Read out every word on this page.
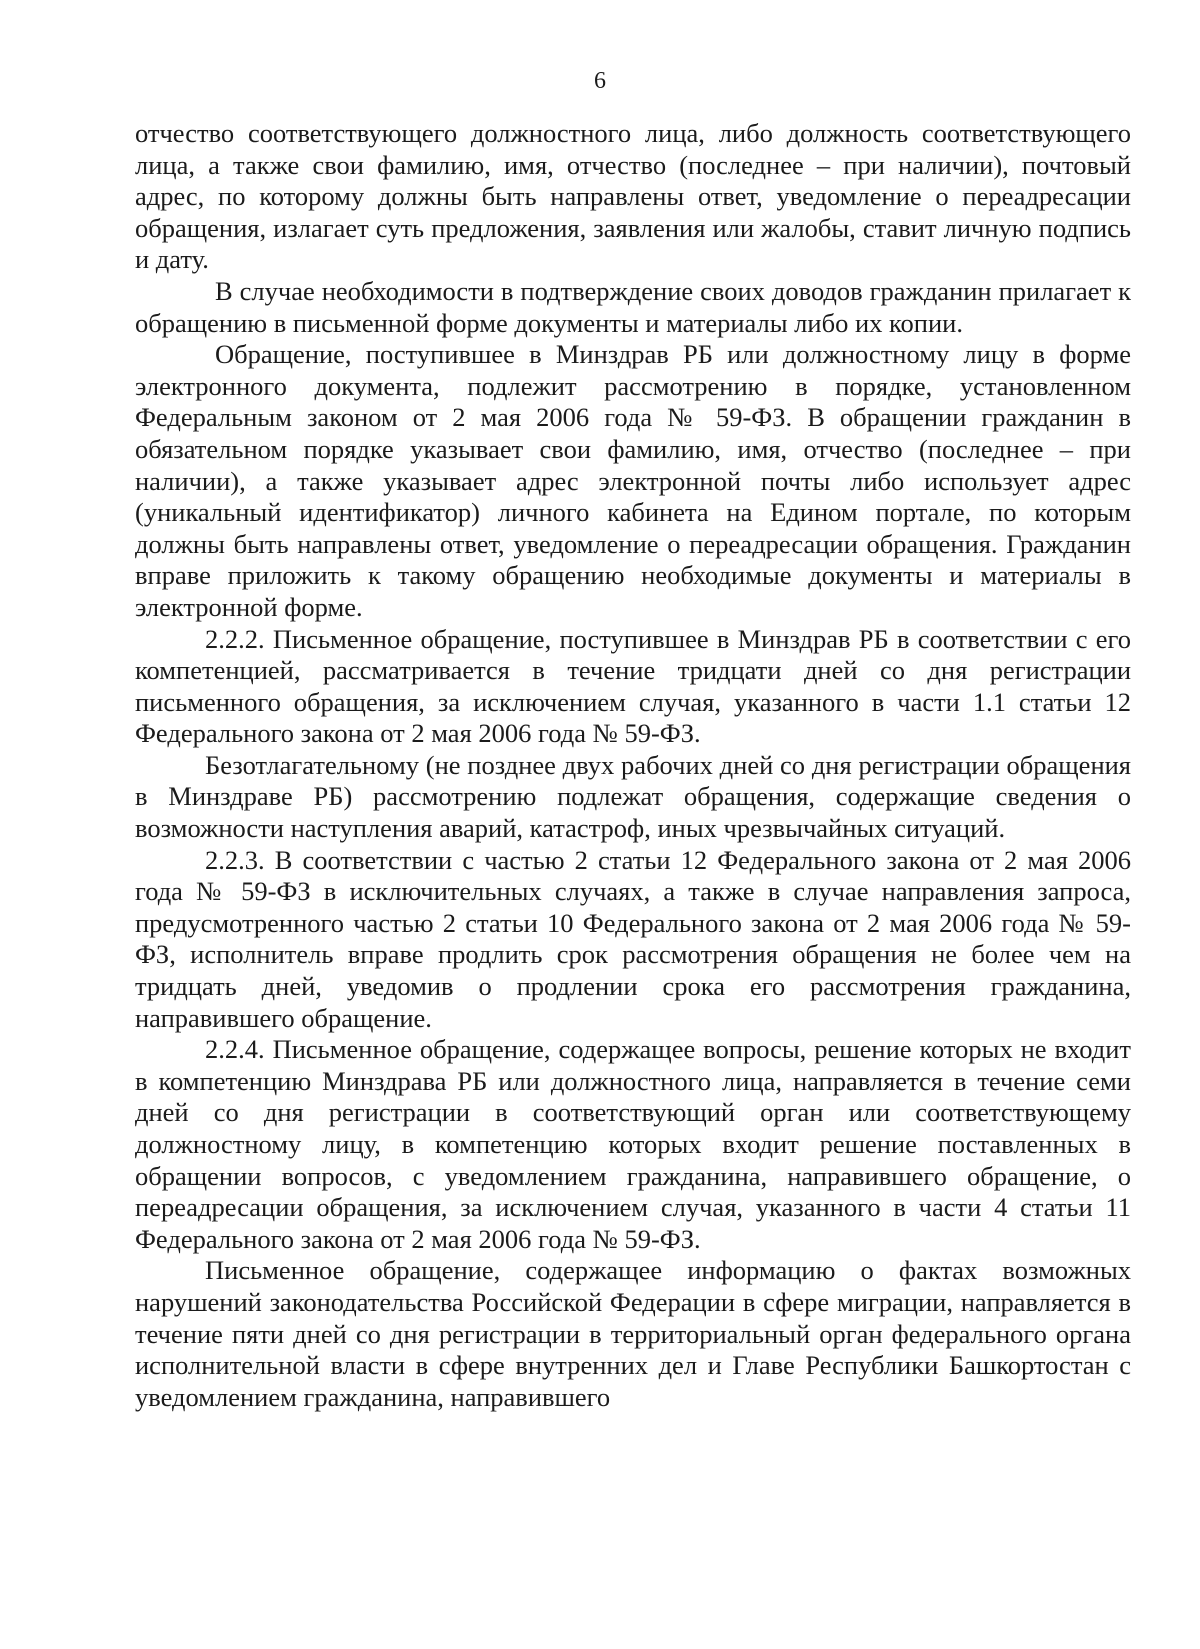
6

отчество соответствующего должностного лица, либо должность соответствующего лица, а также свои фамилию, имя, отчество (последнее – при наличии), почтовый адрес, по которому должны быть направлены ответ, уведомление о переадресации обращения, излагает суть предложения, заявления или жалобы, ставит личную подпись и дату.

В случае необходимости в подтверждение своих доводов гражданин прилагает к обращению в письменной форме документы и материалы либо их копии.

Обращение, поступившее в Минздрав РБ или должностному лицу в форме электронного документа, подлежит рассмотрению в порядке, установленном Федеральным законом от 2 мая 2006 года № 59-ФЗ. В обращении гражданин в обязательном порядке указывает свои фамилию, имя, отчество (последнее – при наличии), а также указывает адрес электронной почты либо использует адрес (уникальный идентификатор) личного кабинета на Едином портале, по которым должны быть направлены ответ, уведомление о переадресации обращения. Гражданин вправе приложить к такому обращению необходимые документы и материалы в электронной форме.

2.2.2. Письменное обращение, поступившее в Минздрав РБ в соответствии с его компетенцией, рассматривается в течение тридцати дней со дня регистрации письменного обращения, за исключением случая, указанного в части 1.1 статьи 12 Федерального закона от 2 мая 2006 года № 59-ФЗ.

Безотлагательному (не позднее двух рабочих дней со дня регистрации обращения в Минздраве РБ) рассмотрению подлежат обращения, содержащие сведения о возможности наступления аварий, катастроф, иных чрезвычайных ситуаций.

2.2.3. В соответствии с частью 2 статьи 12 Федерального закона от 2 мая 2006 года № 59-ФЗ в исключительных случаях, а также в случае направления запроса, предусмотренного частью 2 статьи 10 Федерального закона от 2 мая 2006 года № 59-ФЗ, исполнитель вправе продлить срок рассмотрения обращения не более чем на тридцать дней, уведомив о продлении срока его рассмотрения гражданина, направившего обращение.

2.2.4. Письменное обращение, содержащее вопросы, решение которых не входит в компетенцию Минздрава РБ или должностного лица, направляется в течение семи дней со дня регистрации в соответствующий орган или соответствующему должностному лицу, в компетенцию которых входит решение поставленных в обращении вопросов, с уведомлением гражданина, направившего обращение, о переадресации обращения, за исключением случая, указанного в части 4 статьи 11 Федерального закона от 2 мая 2006 года № 59-ФЗ.

Письменное обращение, содержащее информацию о фактах возможных нарушений законодательства Российской Федерации в сфере миграции, направляется в течение пяти дней со дня регистрации в территориальный орган федерального органа исполнительной власти в сфере внутренних дел и Главе Республики Башкортостан с уведомлением гражданина, направившего
